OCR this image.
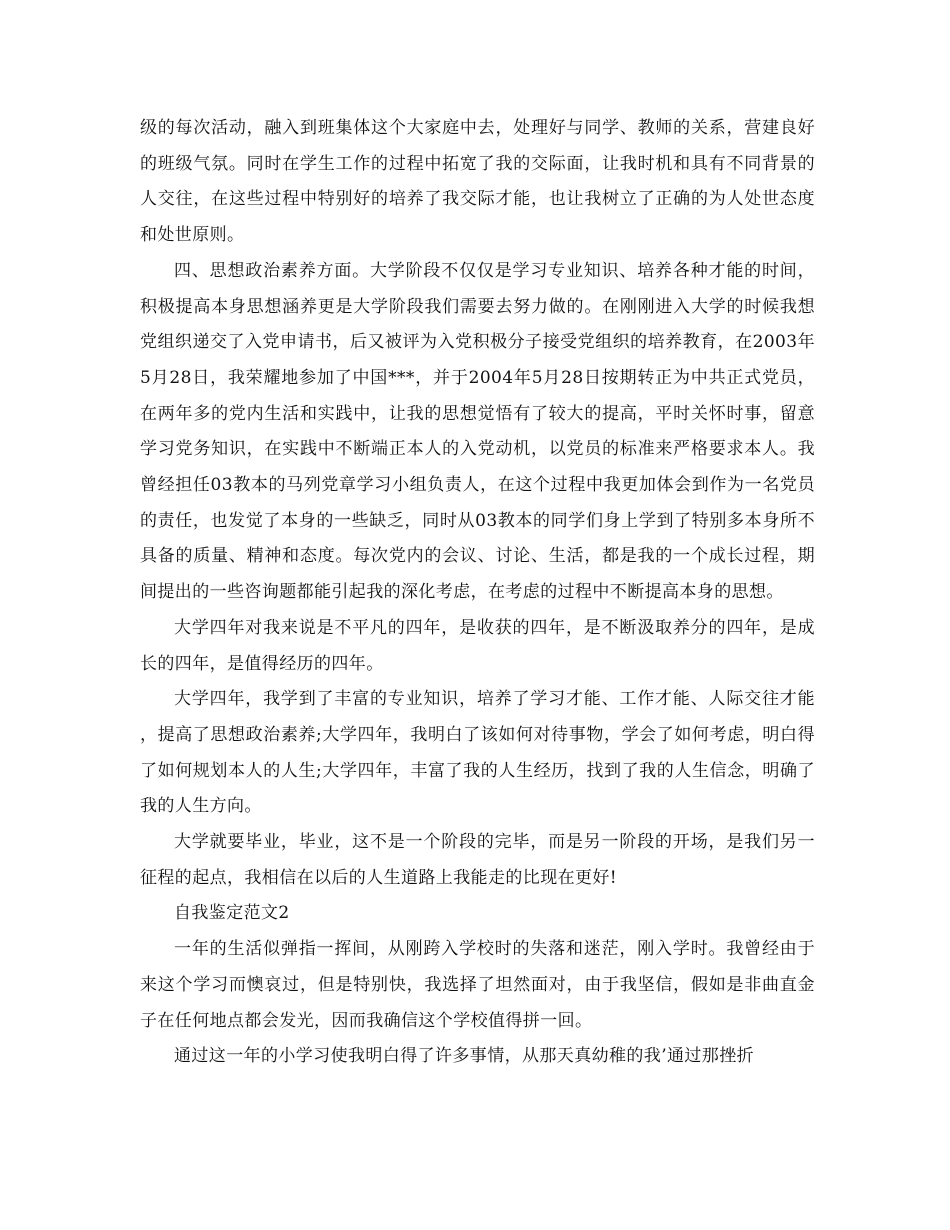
级的每次活动，融入到班集体这个大家庭中去，处理好与同学、教师的关系，营建良好的班级气氛。同时在学生工作的过程中拓宽了我的交际面，让我时机和具有不同背景的人交往，在这些过程中特别好的培养了我交际才能，也让我树立了正确的为人处世态度和处世原则。

四、思想政治素养方面。大学阶段不仅仅是学习专业知识、培养各种才能的时间，积极提高本身思想涵养更是大学阶段我们需要去努力做的。在刚刚进入大学的时候我想党组织递交了入党申请书，后又被评为入党积极分子接受党组织的培养教育，在2003年5月28日，我荣耀地参加了中国***，并于2004年5月28日按期转正为中共正式党员，在两年多的党内生活和实践中，让我的思想觉悟有了较大的提高，平时关怀时事，留意学习党务知识，在实践中不断端正本人的入党动机，以党员的标准来严格要求本人。我曾经担任03教本的马列党章学习小组负责人，在这个过程中我更加体会到作为一名党员的责任，也发觉了本身的一些缺乏，同时从03教本的同学们身上学到了特别多本身所不具备的质量、精神和态度。每次党内的会议、讨论、生活，都是我的一个成长过程，期间提出的一些咨询题都能引起我的深化考虑，在考虑的过程中不断提高本身的思想。

大学四年对我来说是不平凡的四年，是收获的四年，是不断汲取养分的四年，是成长的四年，是值得经历的四年。

大学四年，我学到了丰富的专业知识，培养了学习才能、工作才能、人际交往才能，提高了思想政治素养;大学四年，我明白了该如何对待事物，学会了如何考虑，明白得了如何规划本人的人生;大学四年，丰富了我的人生经历，找到了我的人生信念，明确了我的人生方向。

大学就要毕业，毕业，这不是一个阶段的完毕，而是另一阶段的开场，是我们另一征程的起点，我相信在以后的人生道路上我能走的比现在更好!

自我鉴定范文2

一年的生活似弹指一挥间，从刚跨入学校时的失落和迷茫，刚入学时。我曾经由于来这个学习而懊哀过，但是特别快，我选择了坦然面对，由于我坚信，假如是非曲直金子在任何地点都会发光，因而我确信这个学校值得拼一回。

通过这一年的小学习使我明白得了许多事情，从那天真幼稚的我’通过那挫折
